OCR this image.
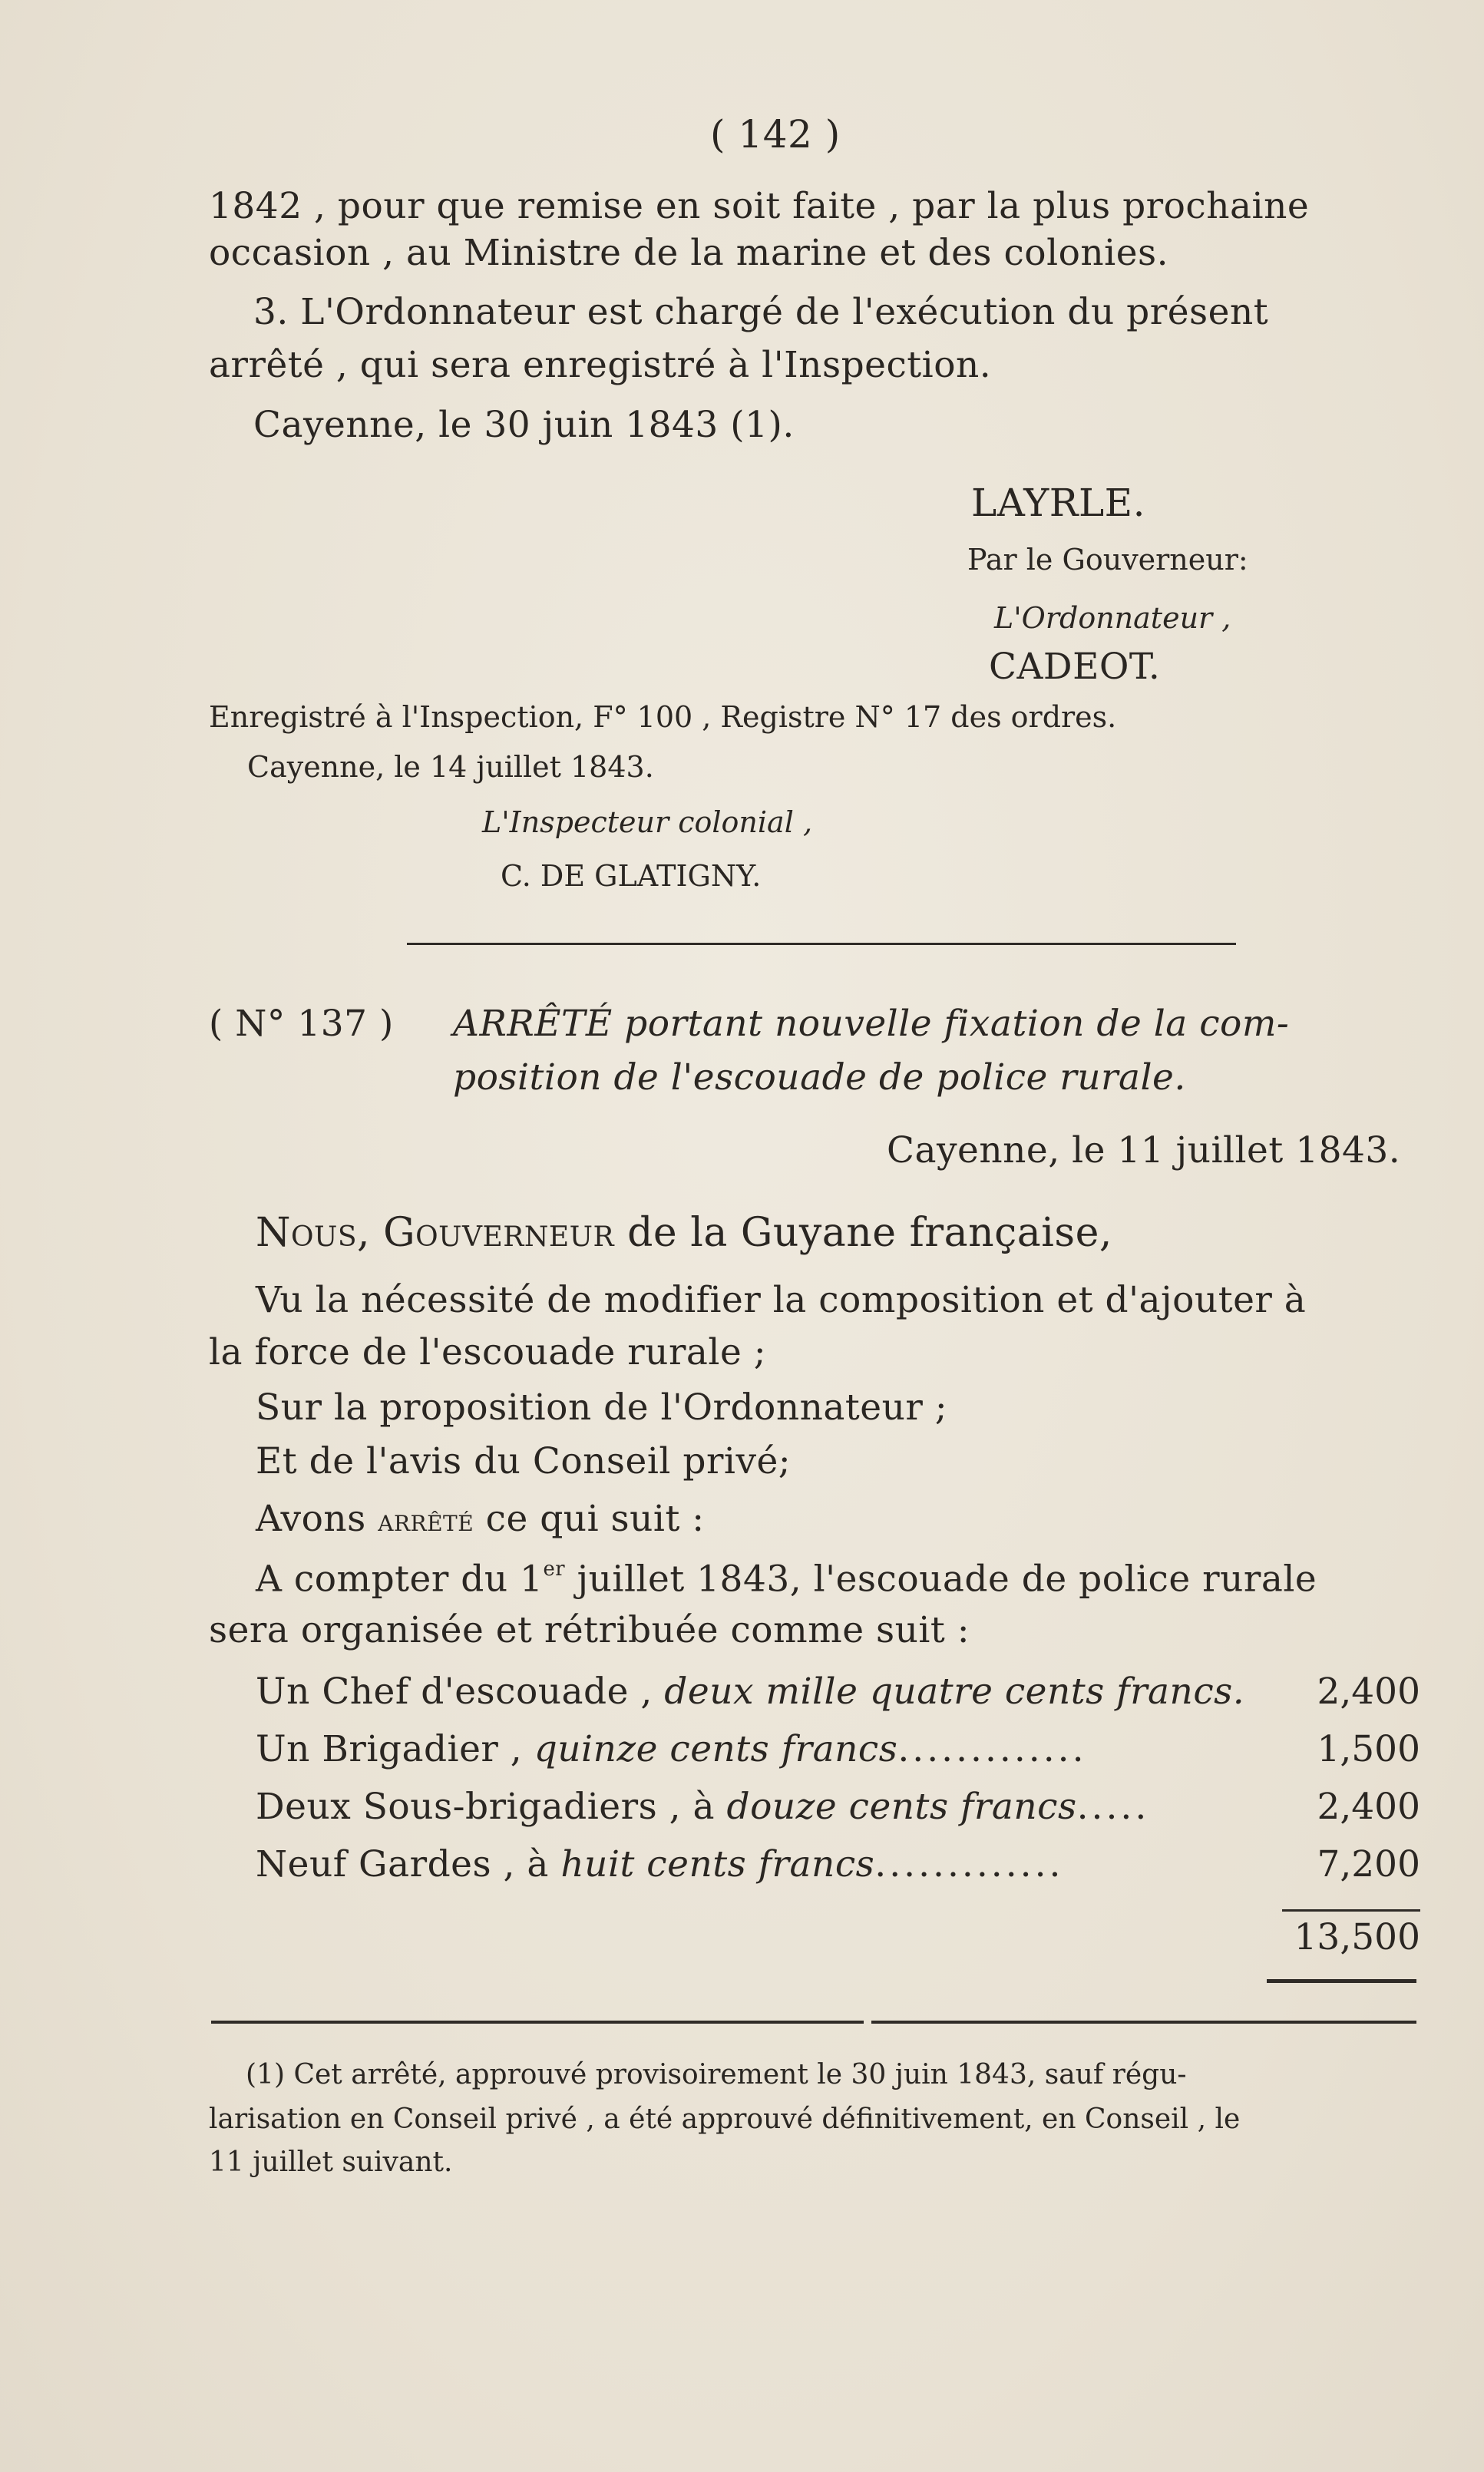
( 142 )
1842 , pour que remise en soit faite , par la plus prochaine
occasion , au Ministre de la marine et des colonies.
3. L'Ordonnateur est chargé de l'exécution du présent
arrêté , qui sera enregistré à l'Inspection.
Cayenne, le 30 juin 1843 (1).
LAYRLE.
Par le Gouverneur:
L'Ordonnateur ,
CADEOT.
Enregistré à l'Inspection, F° 100 , Registre N° 17 des ordres.
Cayenne, le 14 juillet 1843.
L'Inspecteur colonial ,
C. DE GLATIGNY.
( N° 137 ) ARRÊTÉ portant nouvelle fixation de la com-
position de l'escouade de police rurale.
Cayenne, le 11 juillet 1843.
Nous, Gouverneur de la Guyane française,
Vu la nécessité de modifier la composition et d'ajouter à
la force de l'escouade rurale ;
Sur la proposition de l'Ordonnateur ;
Et de l'avis du Conseil privé;
Avons arrêté ce qui suit :
A compter du 1er juillet 1843, l'escouade de police rurale
sera organisée et rétribuée comme suit :
Un Chef d'escouade , deux mille quatre cents francs. 2,400
Un Brigadier , quinze cents francs.............	1,500
Deux Sous-brigadiers , à douze cents francs.....	2,400
Neuf Gardes , à huit cents francs.............	7,200
13,500
(1) Cet arrêté, approuvé provisoirement le 30 juin 1843, sauf régu-
larisation en Conseil privé , a été approuvé définitivement, en Conseil , le
11 juillet suivant.
